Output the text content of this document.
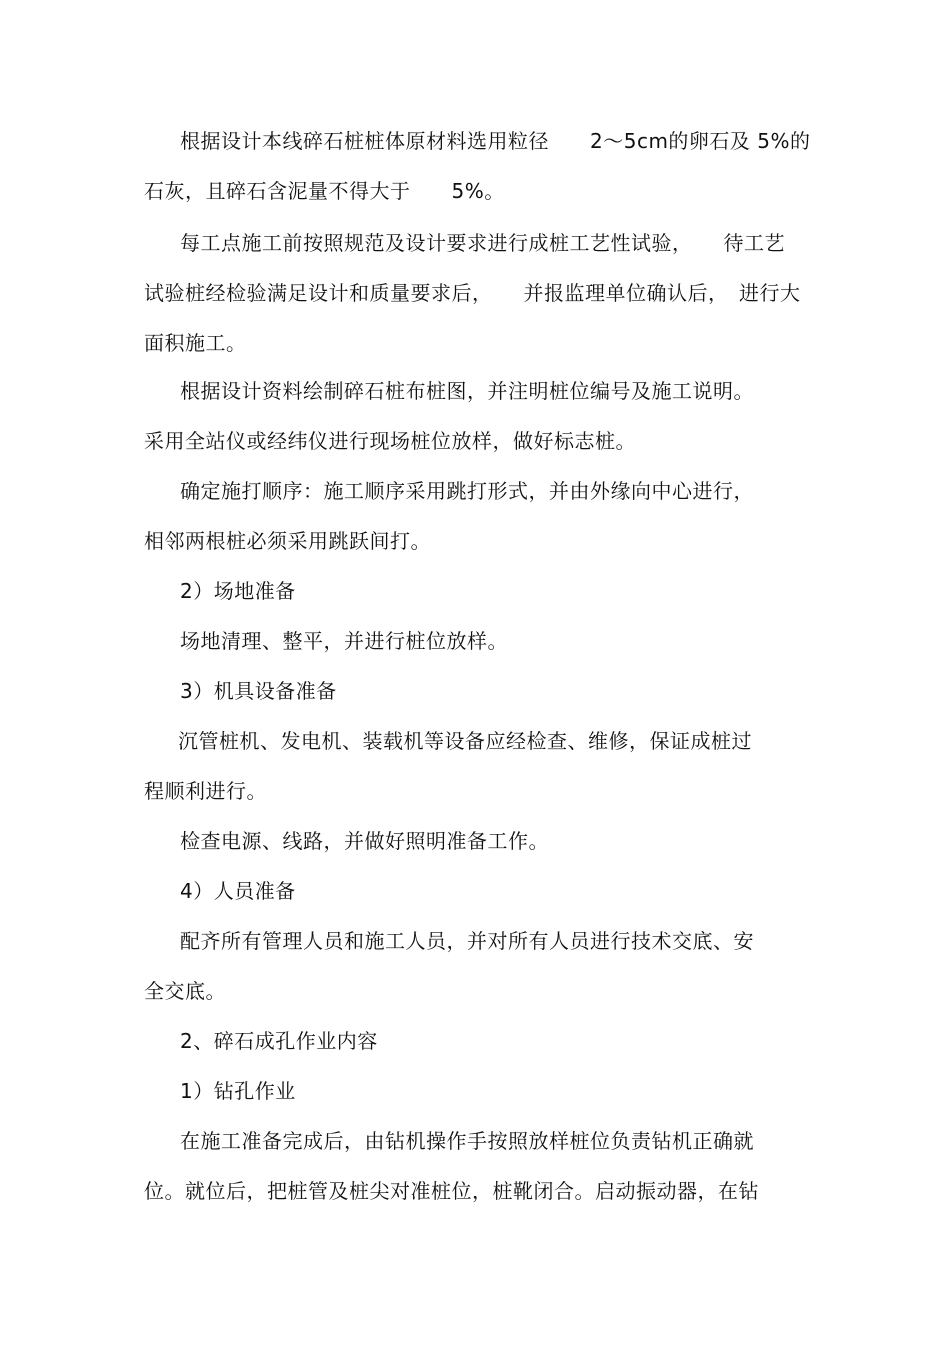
根据设计本线碎石桩桩体原材料选用粒径　　2～5cm的卵石及 5%的
石灰，且碎石含泥量不得大于　　5%。
每工点施工前按照规范及设计要求进行成桩工艺性试验，　　待工艺
试验桩经检验满足设计和质量要求后，　　并报监理单位确认后，　进行大
面积施工。
根据设计资料绘制碎石桩布桩图，并注明桩位编号及施工说明。
采用全站仪或经纬仪进行现场桩位放样，做好标志桩。
确定施打顺序：施工顺序采用跳打形式，并由外缘向中心进行，
相邻两根桩必须采用跳跃间打。
2）场地准备
场地清理、整平，并进行桩位放样。
3）机具设备准备
沉管桩机、发电机、装载机等设备应经检查、维修，保证成桩过
程顺利进行。
检查电源、线路，并做好照明准备工作。
4）人员准备
配齐所有管理人员和施工人员，并对所有人员进行技术交底、安
全交底。
2、碎石成孔作业内容
1）钻孔作业
在施工准备完成后，由钻机操作手按照放样桩位负责钻机正确就
位。就位后，把桩管及桩尖对准桩位，桩靴闭合。启动振动器，在钻
